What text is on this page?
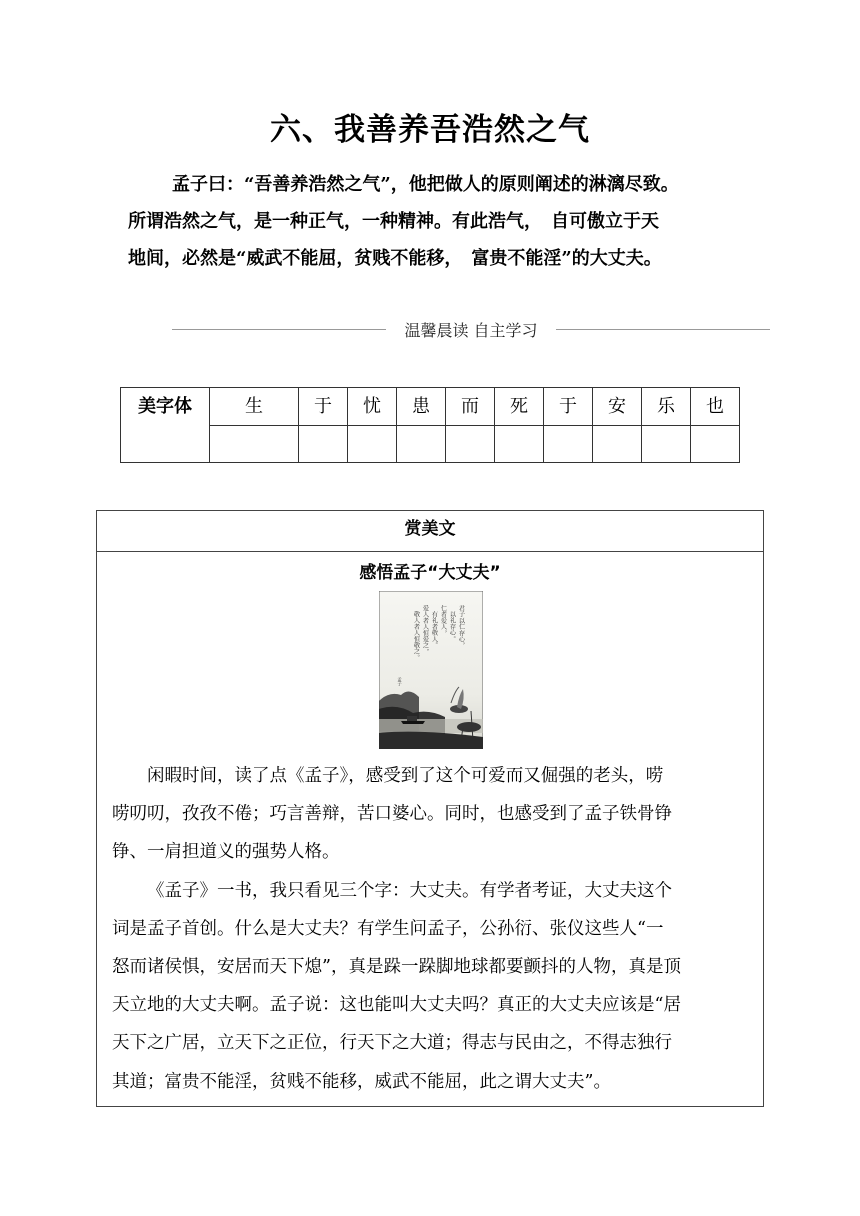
六、我善养吾浩然之气

孟子曰：“吾善养浩然之气”，他把做人的原则阐述的淋漓尽致。

所谓浩然之气，是一种正气，一种精神。有此浩气，　自可傲立于天

地间，必然是“威武不能屈，贫贱不能移，　富贵不能淫”的大丈夫。

温馨晨读 自主学习
美字体	生	于	忧	患	而	死	于	安	乐	也

赏美文
感悟孟子“大丈夫”
君子以仁存心，
以礼存心。
仁者爱人，
有礼者敬人。
爱人者人恒爱之，
敬人者人恒敬之。
孟子

闲暇时间，读了点《孟子》，感受到了这个可爱而又倔强的老头，唠

唠叨叨，孜孜不倦；巧言善辩，苦口婆心。同时，也感受到了孟子铁骨铮
铮、一肩担道义的强势人格。

《孟子》一书，我只看见三个字：大丈夫。有学者考证，大丈夫这个

词是孟子首创。什么是大丈夫？有学生问孟子，公孙衍、张仪这些人“一
怒而诸侯惧，安居而天下熄”，真是跺一跺脚地球都要颤抖的人物，真是顶
天立地的大丈夫啊。孟子说：这也能叫大丈夫吗？真正的大丈夫应该是“居
天下之广居，立天下之正位，行天下之大道；得志与民由之，不得志独行
其道；富贵不能淫，贫贱不能移，威武不能屈，此之谓大丈夫”。
